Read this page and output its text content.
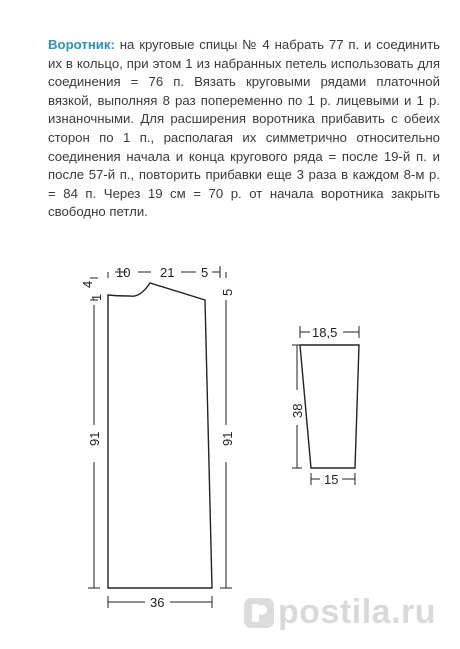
Воротник: на круговые спицы № 4 набрать 77 п. и соединить их в кольцо, при этом 1 из набранных петель использовать для соединения = 76 п. Вязать круговыми рядами платочной вязкой, выполняя 8 раз попеременно по 1 р. лицевыми и 1 р. изнаночными. Для расширения воротника прибавить с обеих сторон по 1 п., располагая их симметрично относительно соединения начала и конца кругового ряда = после 19-й п. и после 57-й п., повторить прибавки еще 3 раза в каждом 8-м р. = 84 п. Через 19 см = 70 р. от начала воротника закрыть свободно петли.
10 21 5
4
1
91
5
91
36
18,5
38
15
postila.ru
